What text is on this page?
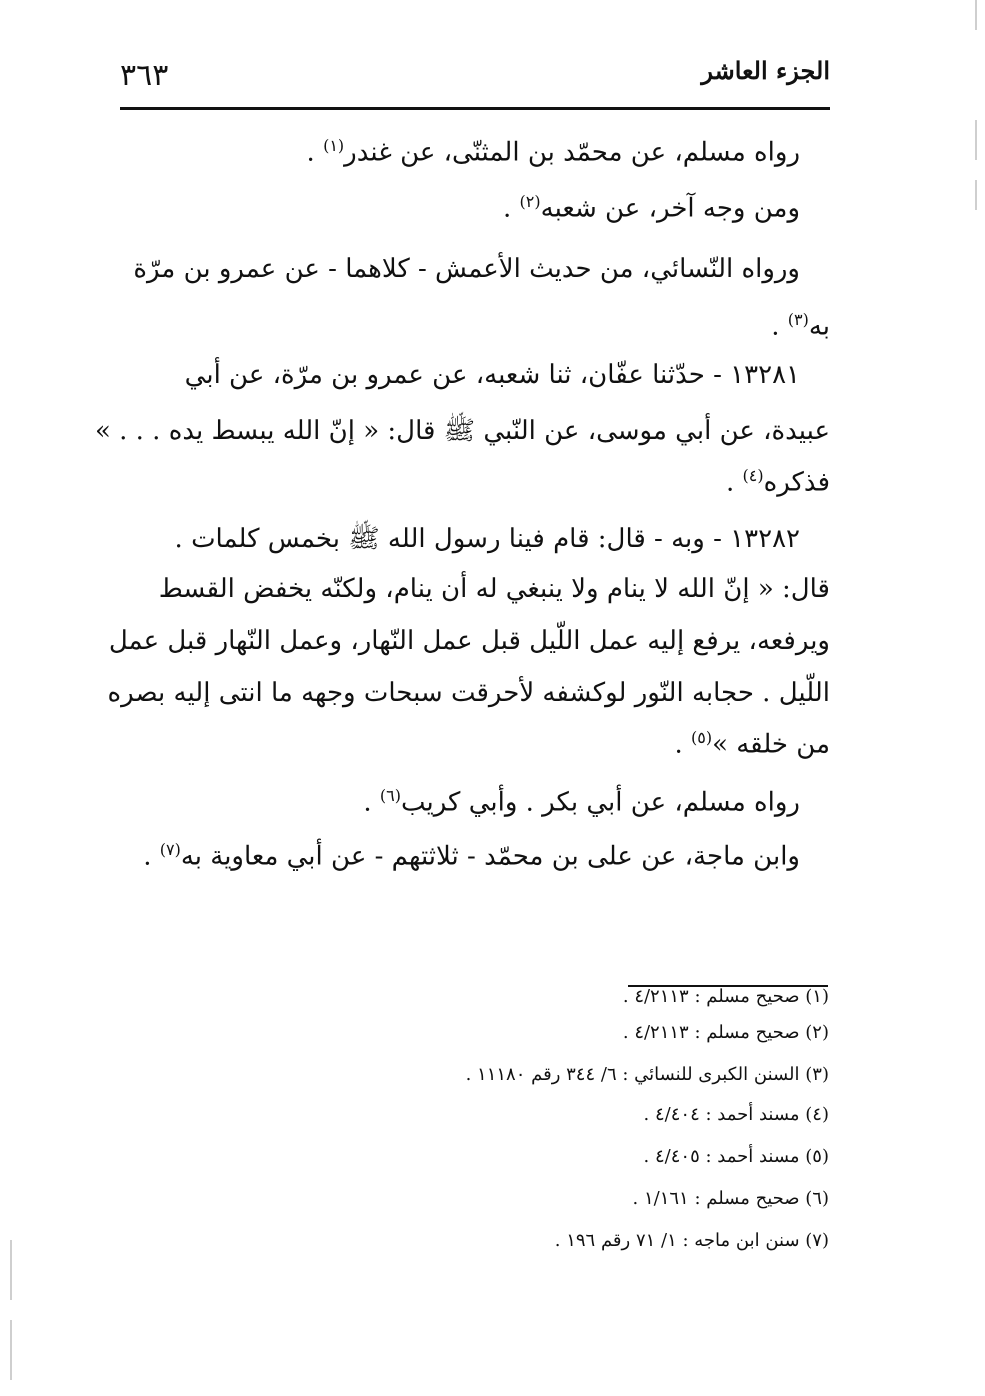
٣٦٣	الجزء العاشر
رواه مسلم، عن محمّد بن المثنّى، عن غندر$^{(١)}$ .
ومن وجه آخر، عن شعبه$^{(٢)}$ .
ورواه النّسائي، من حديث الأعمش - كلاهما - عن عمرو بن مرّة
به$^{(٣)}$ .
١٣٢٨١ - حدّثنا عفّان، ثنا شعبه، عن عمرو بن مرّة، عن أبي
عبيدة، عن أبي موسى، عن النّبي ﷺ قال: « إنّ الله يبسط يده . . . »
فذكره$^{(٤)}$ .
١٣٢٨٢ - وبه - قال: قام فينا رسول الله ﷺ بخمس كلمات .
قال: « إنّ الله لا ينام ولا ينبغي له أن ينام، ولكنّه يخفض القسط
ويرفعه، يرفع إليه عمل اللّيل قبل عمل النّهار، وعمل النّهار قبل عمل
اللّيل . حجابه النّور لوكشفه لأحرقت سبحات وجهه ما انتى إليه بصره
من خلقه »$^{(٥)}$ .
رواه مسلم، عن أبي بكر . وأبي كريب$^{(٦)}$ .
وابن ماجة، عن على بن محمّد - ثلاثتهم - عن أبي معاوية به$^{(٧)}$ .
(١) صحيح مسلم : ٤/٢١١٣ .
(٢) صحيح مسلم : ٤/٢١١٣ .
(٣) السنن الكبرى للنسائي : ٦/ ٣٤٤ رقم ١١١٨٠ .
(٤) مسند أحمد : ٤/٤٠٤ .
(٥) مسند أحمد : ٤/٤٠٥ .
(٦) صحيح مسلم : ١/١٦١ .
(٧) سنن ابن ماجه : ١/ ٧١ رقم ١٩٦ .
